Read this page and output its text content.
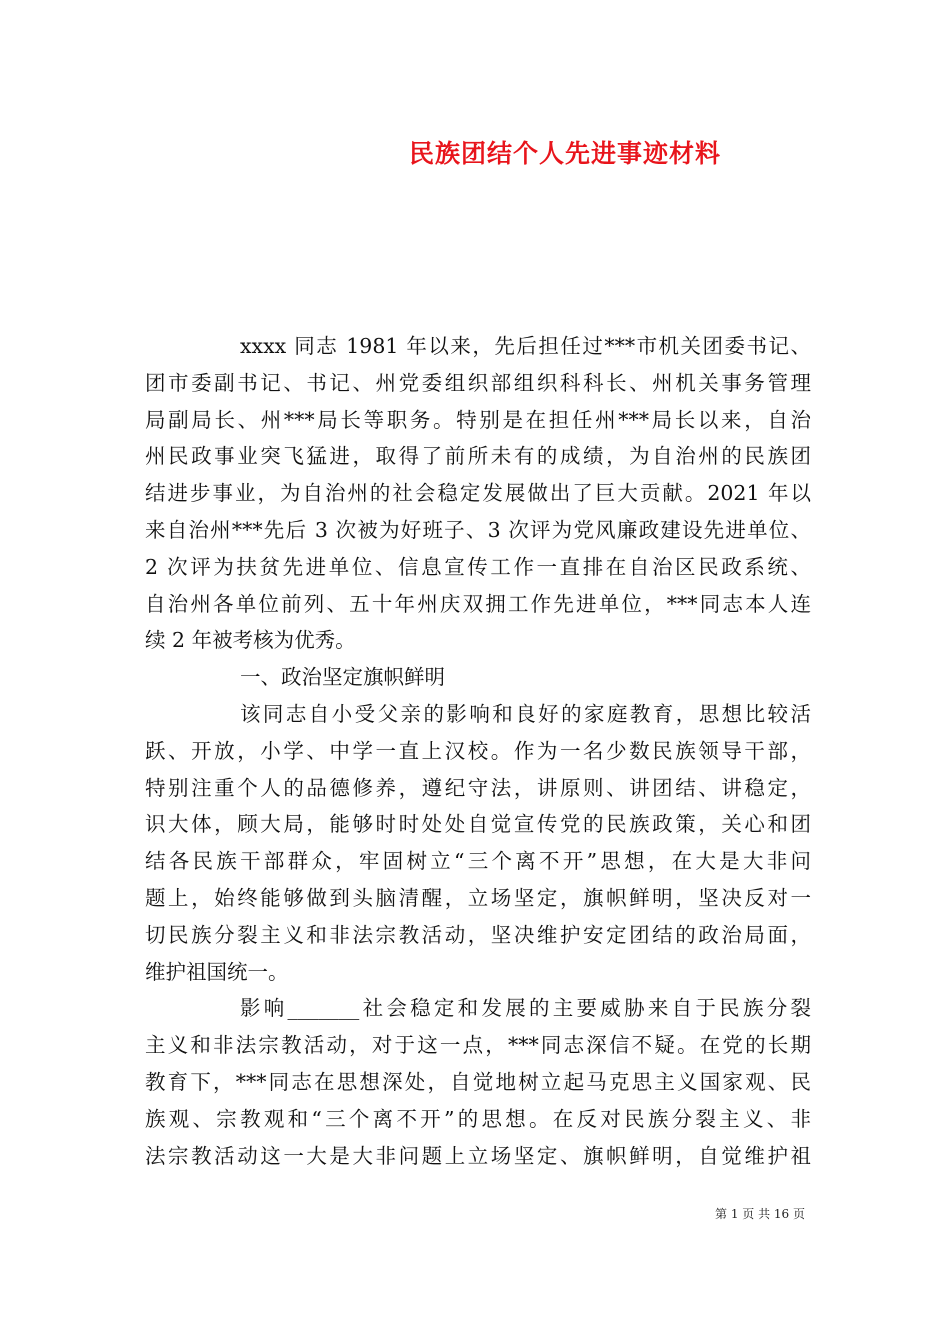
民族团结个人先进事迹材料
xxxx 同志 1981 年以来，先后担任过***市机关团委书记、
团市委副书记、书记、州党委组织部组织科科长、州机关事务管理
局副局长、州***局长等职务。特别是在担任州***局长以来，自治
州民政事业突飞猛进，取得了前所未有的成绩，为自治州的民族团
结进步事业，为自治州的社会稳定发展做出了巨大贡献。2021 年以
来自治州***先后 3 次被为好班子、3 次评为党风廉政建设先进单位、
2 次评为扶贫先进单位、信息宣传工作一直排在自治区民政系统、
自治州各单位前列、五十年州庆双拥工作先进单位，***同志本人连
续 2 年被考核为优秀。
一、政治坚定旗帜鲜明
该同志自小受父亲的影响和良好的家庭教育，思想比较活
跃、开放，小学、中学一直上汉校。作为一名少数民族领导干部，
特别注重个人的品德修养，遵纪守法，讲原则、讲团结、讲稳定，
识大体，顾大局，能够时时处处自觉宣传党的民族政策，关心和团
结各民族干部群众，牢固树立“三个离不开”思想，在大是大非问
题上，始终能够做到头脑清醒，立场坚定，旗帜鲜明，坚决反对一
切民族分裂主义和非法宗教活动，坚决维护安定团结的政治局面，
维护祖国统一。
影响_______社会稳定和发展的主要威胁来自于民族分裂
主义和非法宗教活动，对于这一点，***同志深信不疑。在党的长期
教育下，***同志在思想深处，自觉地树立起马克思主义国家观、民
族观、宗教观和“三个离不开”的思想。在反对民族分裂主义、非
法宗教活动这一大是大非问题上立场坚定、旗帜鲜明，自觉维护祖
第 1 页 共 16 页
